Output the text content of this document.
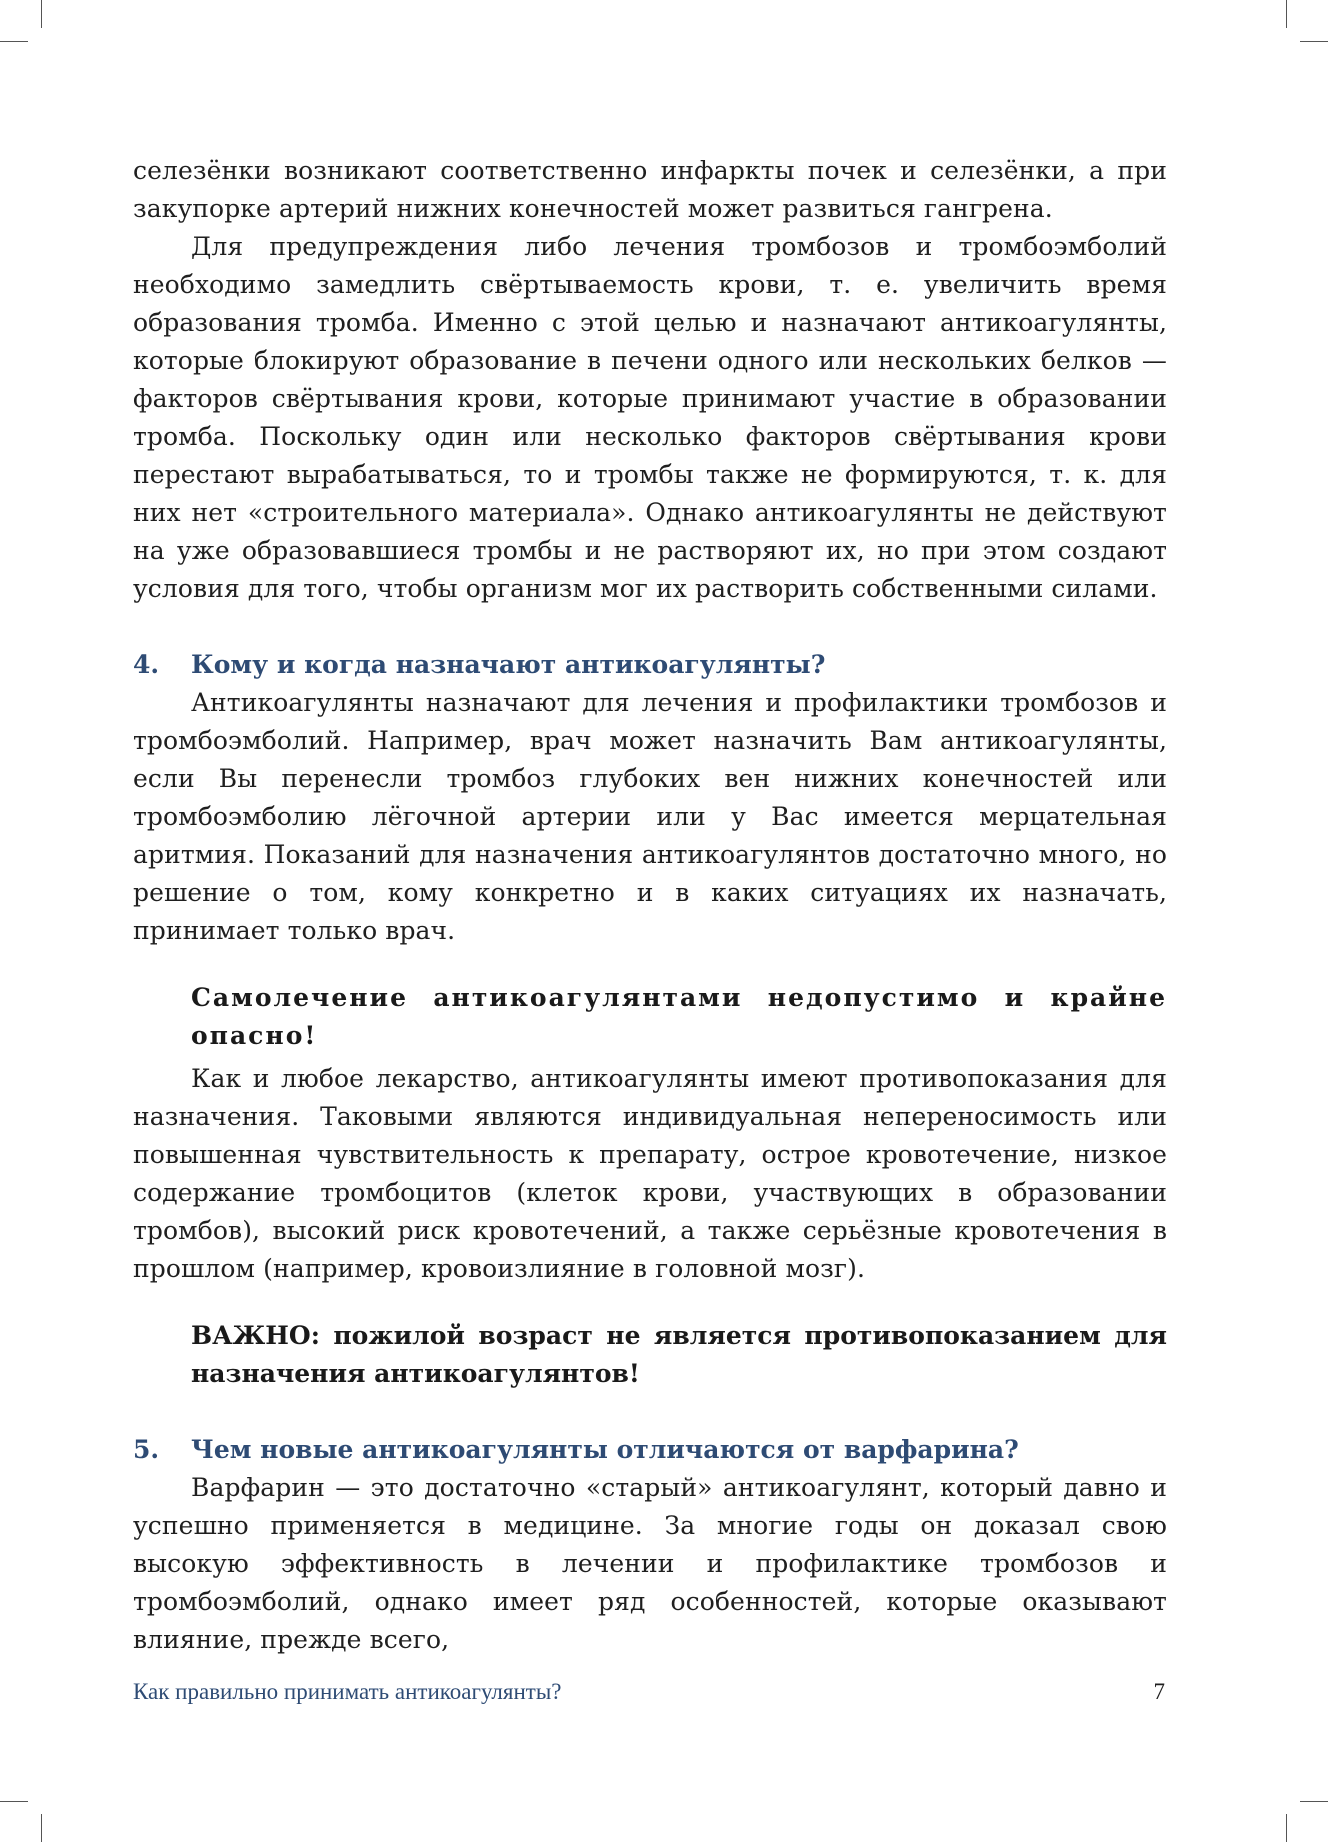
селезёнки возникают соответственно инфаркты почек и селезёнки, а при закупорке артерий нижних конечностей может развиться гангрена.

Для предупреждения либо лечения тромбозов и тромбоэмболий необходимо замедлить свёртываемость крови, т. е. увеличить время образования тромба. Именно с этой целью и назначают антикоагулянты, которые блокируют образование в печени одного или нескольких белков — факторов свёртывания крови, которые принимают участие в образовании тромба. Поскольку один или несколько факторов свёртывания крови перестают вырабатываться, то и тромбы также не формируются, т. к. для них нет «строительного материала». Однако антикоагулянты не действуют на уже образовавшиеся тромбы и не растворяют их, но при этом создают условия для того, чтобы организм мог их растворить собственными силами.

4.	Кому и когда назначают антикоагулянты?

Антикоагулянты назначают для лечения и профилактики тромбозов и тромбоэмболий. Например, врач может назначить Вам антикоагулянты, если Вы перенесли тромбоз глубоких вен нижних конечностей или тромбоэмболию лёгочной артерии или у Вас имеется мерцательная аритмия. Показаний для назначения антикоагулянтов достаточно много, но решение о том, кому конкретно и в каких ситуациях их назначать, принимает только врач.

Самолечение антикоагулянтами недопустимо и крайне опасно!

Как и любое лекарство, антикоагулянты имеют противопоказания для назначения. Таковыми являются индивидуальная непереносимость или повышенная чувствительность к препарату, острое кровотечение, низкое содержание тромбоцитов (клеток крови, участвующих в образовании тромбов), высокий риск кровотечений, а также серьёзные кровотечения в прошлом (например, кровоизлияние в головной мозг).

ВАЖНО: пожилой возраст не является противопоказанием для назначения антикоагулянтов!

5.	Чем новые антикоагулянты отличаются от варфарина?

Варфарин — это достаточно «старый» антикоагулянт, который давно и успешно применяется в медицине. За многие годы он доказал свою высокую эффективность в лечении и профилактике тромбозов и тромбоэмболий, однако имеет ряд особенностей, которые оказывают влияние, прежде всего,

Как правильно принимать антикоагулянты?	7
